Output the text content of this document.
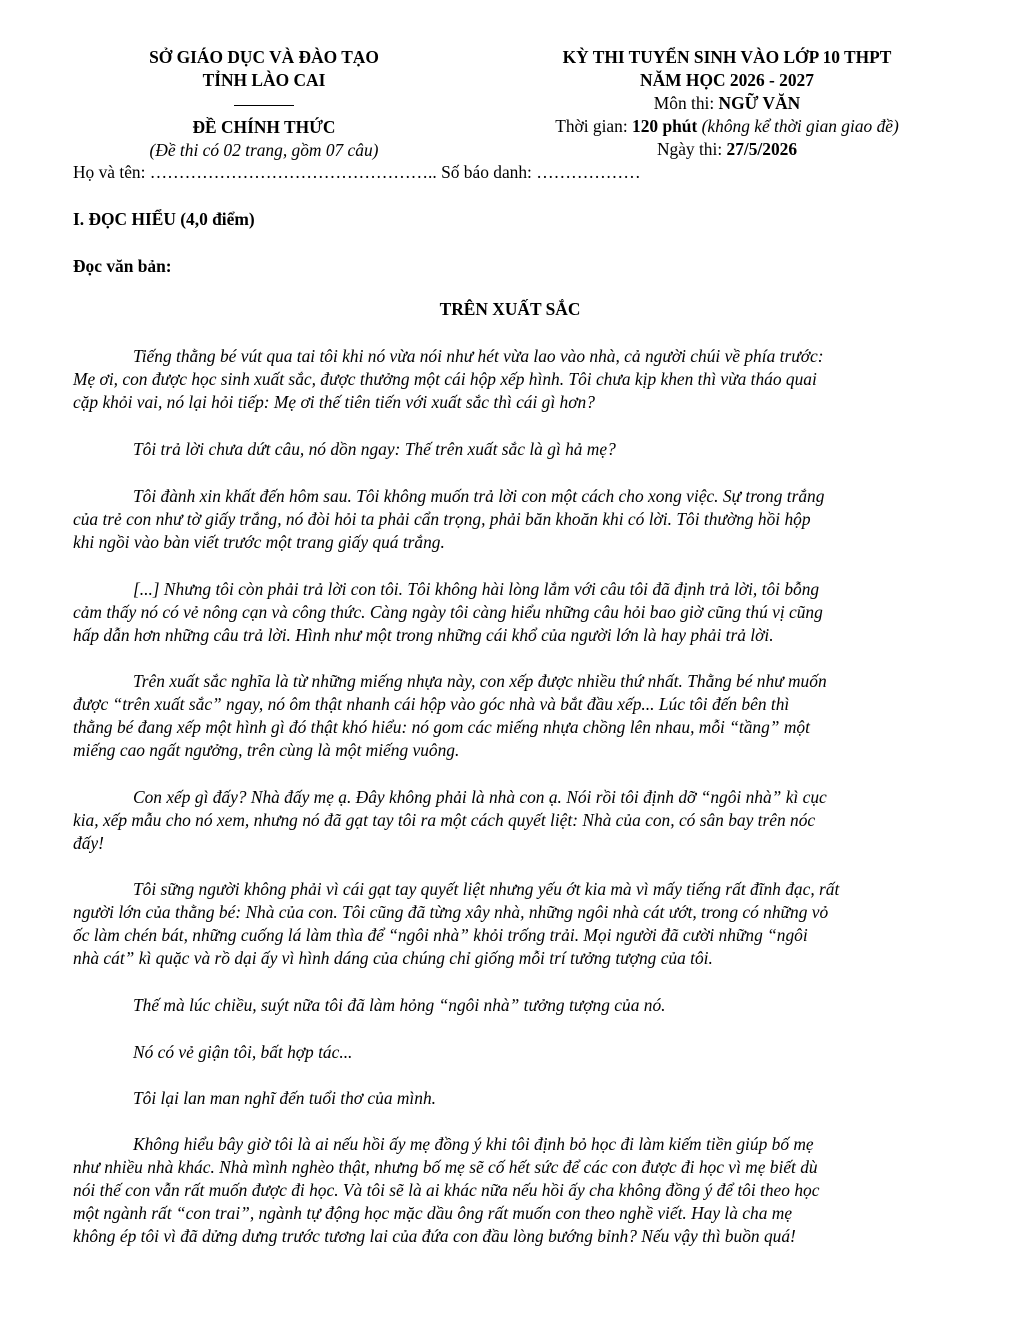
SỞ GIÁO DỤC VÀ ĐÀO TẠO
TỈNH LÀO CAI
ĐỀ CHÍNH THỨC
(Đề thi có 02 trang, gồm 07 câu)
KỲ THI TUYỂN SINH VÀO LỚP 10 THPT
NĂM HỌC 2026 - 2027
Môn thi: NGỮ VĂN
Thời gian: 120 phút (không kể thời gian giao đề)
Ngày thi: 27/5/2026
Họ và tên: ………………………………………….. Số báo danh: ………………
I. ĐỌC HIỂU (4,0 điểm)
Đọc văn bản:
TRÊN XUẤT SẮC
Tiếng thằng bé vút qua tai tôi khi nó vừa nói như hét vừa lao vào nhà, cả người chúi về phía trước:
Mẹ ơi, con được học sinh xuất sắc, được thưởng một cái hộp xếp hình. Tôi chưa kịp khen thì vừa tháo quai
cặp khỏi vai, nó lại hỏi tiếp: Mẹ ơi thế tiên tiến với xuất sắc thì cái gì hơn?
Tôi trả lời chưa dứt câu, nó dồn ngay: Thế trên xuất sắc là gì hả mẹ?
Tôi đành xin khất đến hôm sau. Tôi không muốn trả lời con một cách cho xong việc. Sự trong trắng
của trẻ con như tờ giấy trắng, nó đòi hỏi ta phải cẩn trọng, phải băn khoăn khi có lời. Tôi thường hồi hộp
khi ngồi vào bàn viết trước một trang giấy quá trắng.
[...] Nhưng tôi còn phải trả lời con tôi. Tôi không hài lòng lắm với câu tôi đã định trả lời, tôi bỗng
cảm thấy nó có vẻ nông cạn và công thức. Càng ngày tôi càng hiểu những câu hỏi bao giờ cũng thú vị cũng
hấp dẫn hơn những câu trả lời. Hình như một trong những cái khổ của người lớn là hay phải trả lời.
Trên xuất sắc nghĩa là từ những miếng nhựa này, con xếp được nhiều thứ nhất. Thằng bé như muốn
được “trên xuất sắc” ngay, nó ôm thật nhanh cái hộp vào góc nhà và bắt đầu xếp... Lúc tôi đến bên thì
thằng bé đang xếp một hình gì đó thật khó hiểu: nó gom các miếng nhựa chồng lên nhau, mỗi “tầng” một
miếng cao ngất ngưởng, trên cùng là một miếng vuông.
Con xếp gì đấy? Nhà đấy mẹ ạ. Đây không phải là nhà con ạ. Nói rồi tôi định dỡ “ngôi nhà” kì cục
kia, xếp mẫu cho nó xem, nhưng nó đã gạt tay tôi ra một cách quyết liệt: Nhà của con, có sân bay trên nóc
đấy!
Tôi sững người không phải vì cái gạt tay quyết liệt nhưng yếu ớt kia mà vì mấy tiếng rất đĩnh đạc, rất
người lớn của thằng bé: Nhà của con. Tôi cũng đã từng xây nhà, những ngôi nhà cát ướt, trong có những vỏ
ốc làm chén bát, những cuống lá làm thìa để “ngôi nhà” khỏi trống trải. Mọi người đã cười những “ngôi
nhà cát” kì quặc và rồ dại ấy vì hình dáng của chúng chỉ giống mỗi trí tưởng tượng của tôi.
Thế mà lúc chiều, suýt nữa tôi đã làm hỏng “ngôi nhà” tưởng tượng của nó.
Nó có vẻ giận tôi, bất hợp tác...
Tôi lại lan man nghĩ đến tuổi thơ của mình.
Không hiểu bây giờ tôi là ai nếu hồi ấy mẹ đồng ý khi tôi định bỏ học đi làm kiếm tiền giúp bố mẹ
như nhiều nhà khác. Nhà mình nghèo thật, nhưng bố mẹ sẽ cố hết sức để các con được đi học vì mẹ biết dù
nói thế con vẫn rất muốn được đi học. Và tôi sẽ là ai khác nữa nếu hồi ấy cha không đồng ý để tôi theo học
một ngành rất “con trai”, ngành tự động học mặc dầu ông rất muốn con theo nghề viết. Hay là cha mẹ
không ép tôi vì đã dửng dưng trước tương lai của đứa con đầu lòng bướng bỉnh? Nếu vậy thì buồn quá!
